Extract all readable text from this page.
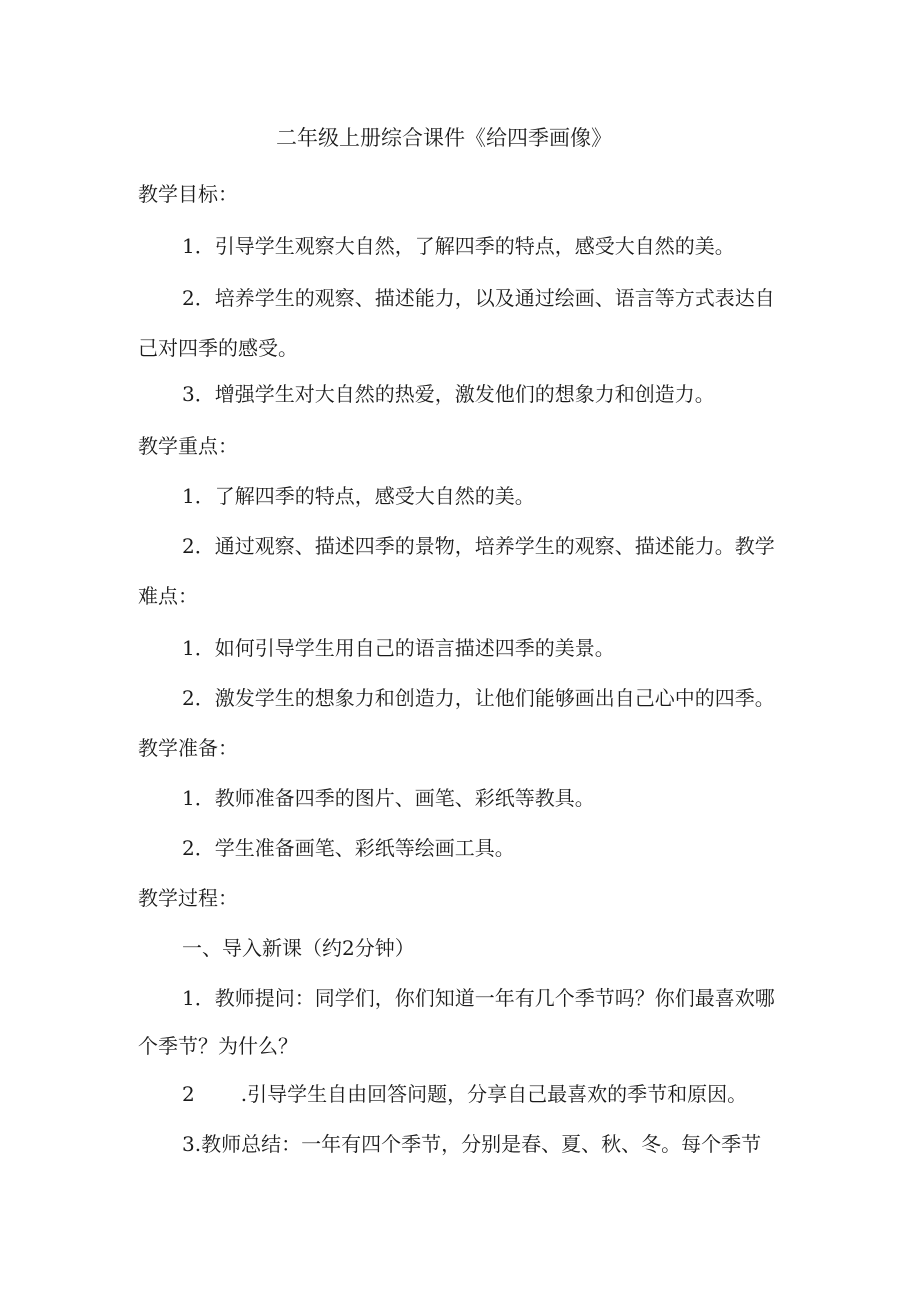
二年级上册综合课件《给四季画像》
教学目标：
1．引导学生观察大自然，了解四季的特点，感受大自然的美。
2．培养学生的观察、描述能力，以及通过绘画、语言等方式表达自
己对四季的感受。
3．增强学生对大自然的热爱，激发他们的想象力和创造力。
教学重点：
1．了解四季的特点，感受大自然的美。
2．通过观察、描述四季的景物，培养学生的观察、描述能力。教学
难点：
1．如何引导学生用自己的语言描述四季的美景。
2．激发学生的想象力和创造力，让他们能够画出自己心中的四季。
教学准备：
1．教师准备四季的图片、画笔、彩纸等教具。
2．学生准备画笔、彩纸等绘画工具。
教学过程：
一、导入新课（约2分钟）
1．教师提问：同学们，你们知道一年有几个季节吗？你们最喜欢哪
个季节？为什么？
2 .引导学生自由回答问题，分享自己最喜欢的季节和原因。
3.教师总结：一年有四个季节，分别是春、夏、秋、冬。每个季节
